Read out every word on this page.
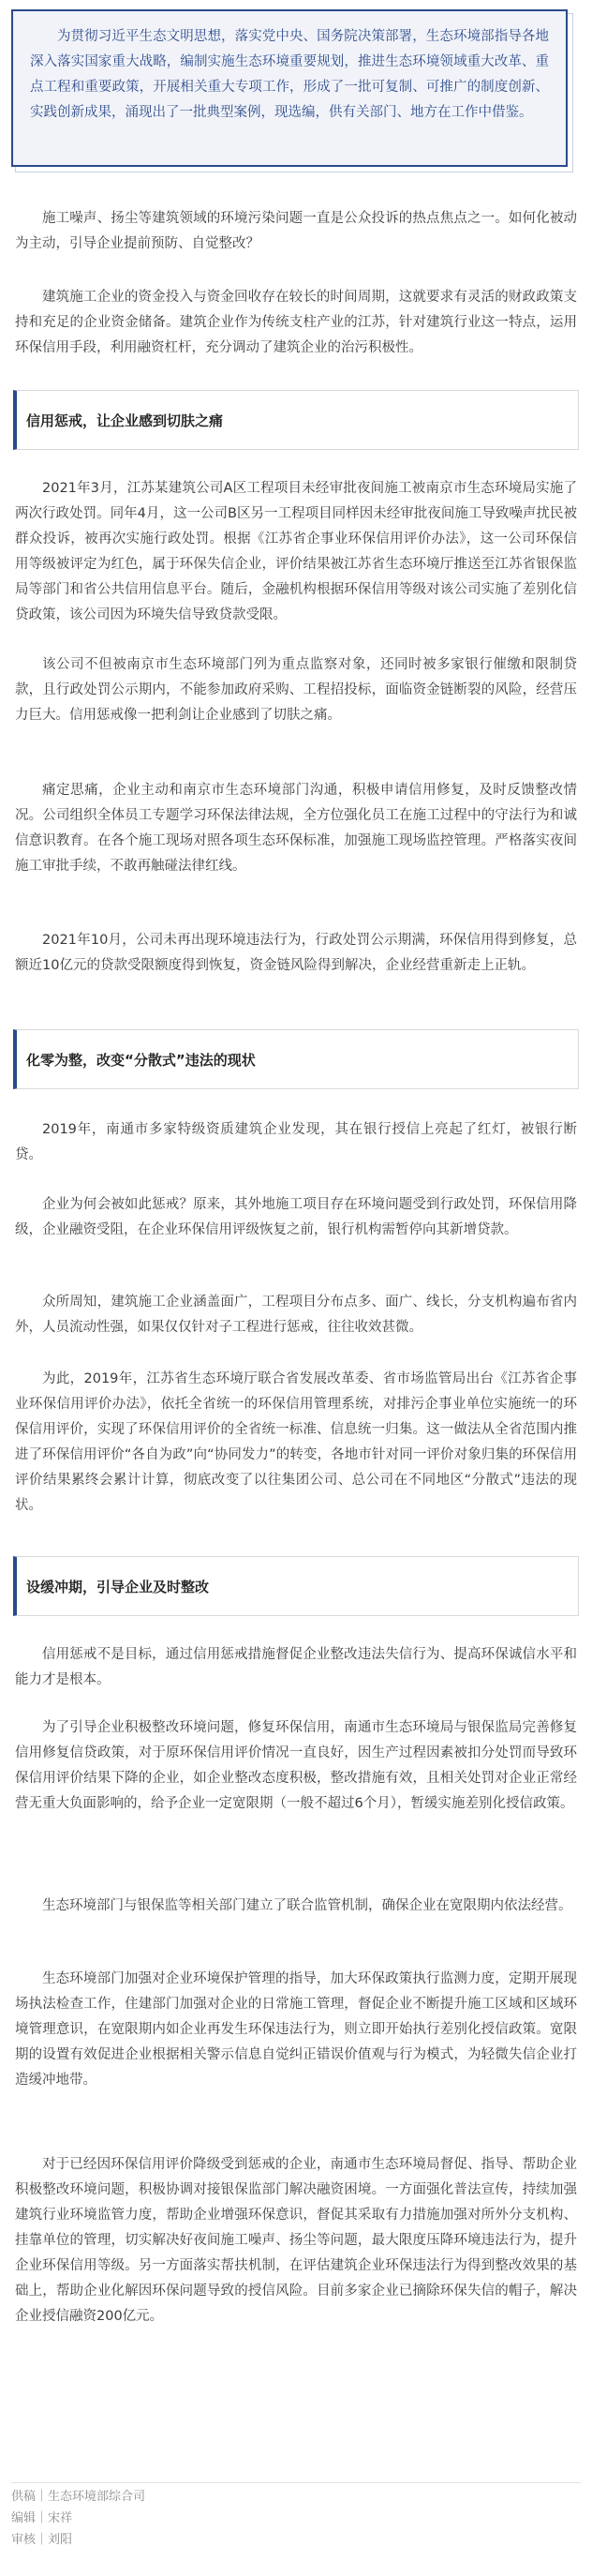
为贯彻习近平生态文明思想，落实党中央、国务院决策部署，生态环境部指导各地深入落实国家重大战略，编制实施生态环境重要规划，推进生态环境领域重大改革、重点工程和重要政策，开展相关重大专项工作，形成了一批可复制、可推广的制度创新、实践创新成果，涌现出了一批典型案例，现选编，供有关部门、地方在工作中借鉴。

施工噪声、扬尘等建筑领域的环境污染问题一直是公众投诉的热点焦点之一。如何化被动为主动，引导企业提前预防、自觉整改？

建筑施工企业的资金投入与资金回收存在较长的时间周期，这就要求有灵活的财政政策支持和充足的企业资金储备。建筑企业作为传统支柱产业的江苏，针对建筑行业这一特点，运用环保信用手段，利用融资杠杆，充分调动了建筑企业的治污积极性。

信用惩戒，让企业感到切肤之痛

2021年3月，江苏某建筑公司A区工程项目未经审批夜间施工被南京市生态环境局实施了两次行政处罚。同年4月，这一公司B区另一工程项目同样因未经审批夜间施工导致噪声扰民被群众投诉，被再次实施行政处罚。根据《江苏省企事业环保信用评价办法》，这一公司环保信用等级被评定为红色，属于环保失信企业，评价结果被江苏省生态环境厅推送至江苏省银保监局等部门和省公共信用信息平台。随后，金融机构根据环保信用等级对该公司实施了差别化信贷政策，该公司因为环境失信导致贷款受限。

该公司不但被南京市生态环境部门列为重点监察对象，还同时被多家银行催缴和限制贷款，且行政处罚公示期内，不能参加政府采购、工程招投标，面临资金链断裂的风险，经营压力巨大。信用惩戒像一把利剑让企业感到了切肤之痛。

痛定思痛，企业主动和南京市生态环境部门沟通，积极申请信用修复，及时反馈整改情况。公司组织全体员工专题学习环保法律法规，全方位强化员工在施工过程中的守法行为和诚信意识教育。在各个施工现场对照各项生态环保标准，加强施工现场监控管理。严格落实夜间施工审批手续，不敢再触碰法律红线。

2021年10月，公司未再出现环境违法行为，行政处罚公示期满，环保信用得到修复，总额近10亿元的贷款受限额度得到恢复，资金链风险得到解决，企业经营重新走上正轨。

化零为整，改变“分散式”违法的现状

2019年，南通市多家特级资质建筑企业发现，其在银行授信上亮起了红灯，被银行断贷。

企业为何会被如此惩戒？原来，其外地施工项目存在环境问题受到行政处罚，环保信用降级，企业融资受阻，在企业环保信用评级恢复之前，银行机构需暂停向其新增贷款。

众所周知，建筑施工企业涵盖面广，工程项目分布点多、面广、线长，分支机构遍布省内外，人员流动性强，如果仅仅针对子工程进行惩戒，往往收效甚微。

为此，2019年，江苏省生态环境厅联合省发展改革委、省市场监管局出台《江苏省企事业环保信用评价办法》，依托全省统一的环保信用管理系统，对排污企事业单位实施统一的环保信用评价，实现了环保信用评价的全省统一标准、信息统一归集。这一做法从全省范围内推进了环保信用评价“各自为政”向“协同发力”的转变，各地市针对同一评价对象归集的环保信用评价结果累终会累计计算，彻底改变了以往集团公司、总公司在不同地区“分散式”违法的现状。

设缓冲期，引导企业及时整改

信用惩戒不是目标，通过信用惩戒措施督促企业整改违法失信行为、提高环保诚信水平和能力才是根本。

为了引导企业积极整改环境问题，修复环保信用，南通市生态环境局与银保监局完善修复信用修复信贷政策，对于原环保信用评价情况一直良好，因生产过程因素被扣分处罚而导致环保信用评价结果下降的企业，如企业整改态度积极，整改措施有效，且相关处罚对企业正常经营无重大负面影响的，给予企业一定宽限期（一般不超过6个月），暂缓实施差别化授信政策。

生态环境部门与银保监等相关部门建立了联合监管机制，确保企业在宽限期内依法经营。

生态环境部门加强对企业环境保护管理的指导，加大环保政策执行监测力度，定期开展现场执法检查工作，住建部门加强对企业的日常施工管理，督促企业不断提升施工区域和区域环境管理意识，在宽限期内如企业再发生环保违法行为，则立即开始执行差别化授信政策。宽限期的设置有效促进企业根据相关警示信息自觉纠正错误价值观与行为模式，为轻微失信企业打造缓冲地带。

对于已经因环保信用评价降级受到惩戒的企业，南通市生态环境局督促、指导、帮助企业积极整改环境问题，积极协调对接银保监部门解决融资困境。一方面强化普法宣传，持续加强建筑行业环境监管力度，帮助企业增强环保意识，督促其采取有力措施加强对所外分支机构、挂靠单位的管理，切实解决好夜间施工噪声、扬尘等问题，最大限度压降环境违法行为，提升企业环保信用等级。另一方面落实帮扶机制，在评估建筑企业环保违法行为得到整改效果的基础上，帮助企业化解因环保问题导致的授信风险。目前多家企业已摘除环保失信的帽子，解决企业授信融资200亿元。

供稿｜生态环境部综合司
编辑｜宋祥
审核｜刘阳
